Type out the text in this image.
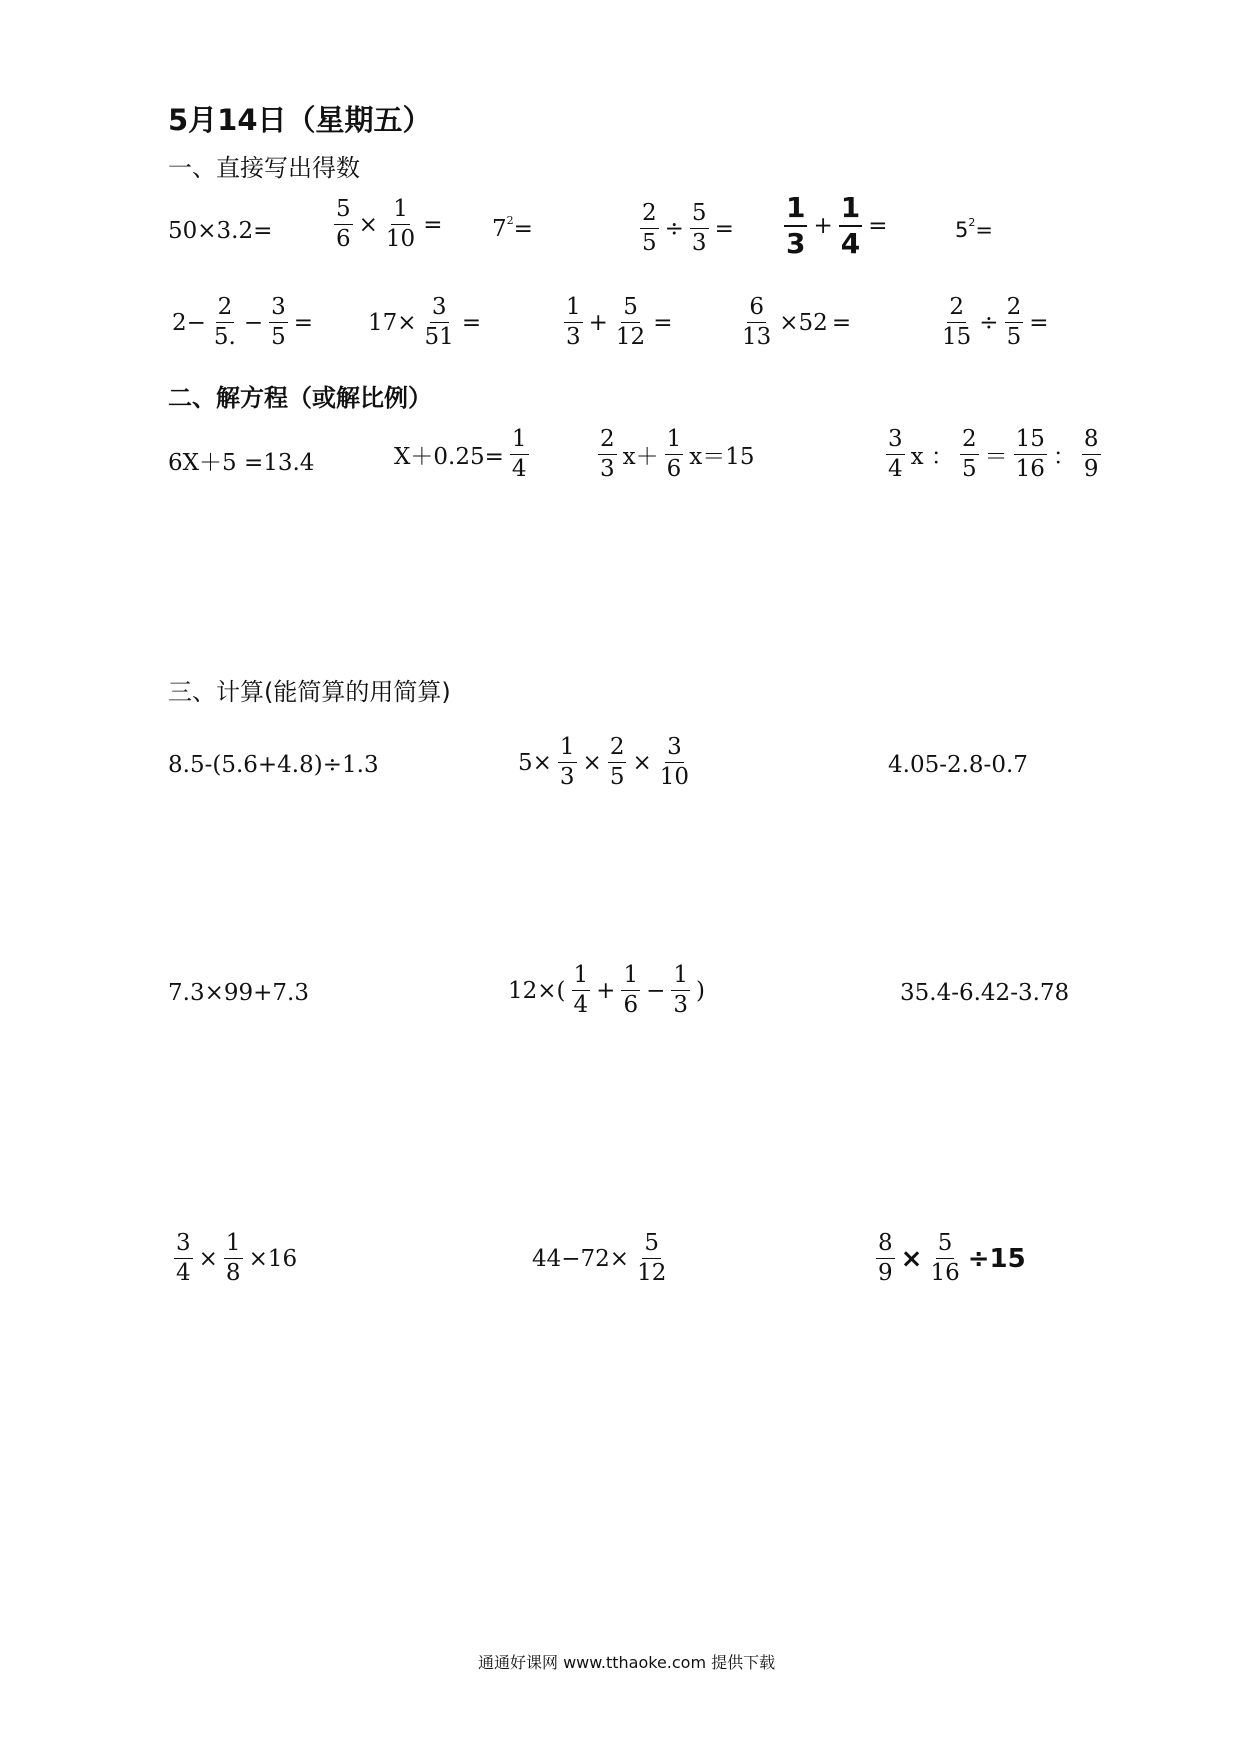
5月14日（星期五）
一、直接写出得数
二、解方程（或解比例）
三、计算(能简算的用简算)
50×3.2=	$\frac{5}{6} \times \frac{1}{10} = 7^2=$	$\frac{2}{5} \div \frac{5}{3} = \frac{1}{3} + \frac{1}{4}$ =	$5^2=$
$2- \frac{2}{5.} - \frac{3}{5} = 17\times \frac{3}{51}$ =	$\frac{1}{3} + \frac{5}{12}$ =	$\frac{6}{13} \times 52$ =	$\frac{2}{15} \div \frac{2}{5}$ =
6X＋5 =13.4	$X+0.25= \frac{1}{4}$	$\frac{2}{3} x+ \frac{1}{6} x=15$	$\frac{3}{4}$ x ： $\frac{2}{5} = \frac{15}{16}$ ： $\frac{8}{9}$
8.5-(5.6+4.8)÷1.3	$5\times \frac{1}{3} \times \frac{2}{5} \times \frac{3}{10}$	4.05-2.8-0.7
7.3×99+7.3	$12\times( \frac{1}{4} + \frac{1}{6} - \frac{1}{3}$ )	35.4-6.42-3.78
$\frac{3}{4} \times \frac{1}{8} \times 16$	$44-72\times \frac{5}{12}$	$\frac{8}{9} \times \frac{5}{16} \div 15$
通通好课网 www.tthaoke.com 提供下载
